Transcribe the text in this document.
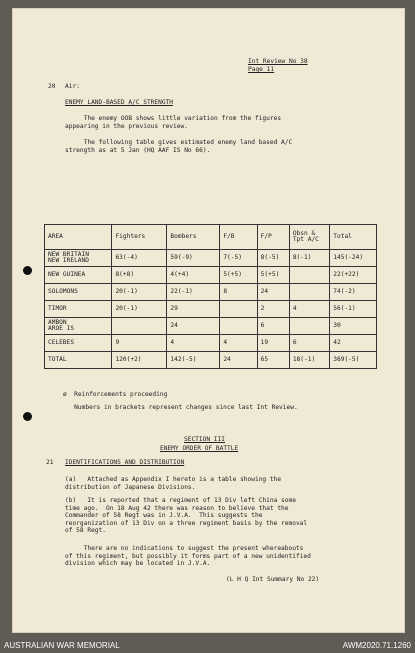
Int Review No 38
Page 11
20 Air:
ENEMY LAND-BASED A/C STRENGTH
The enemy OOB shows little variation from the figures
appearing in the previous review.
The following table gives estimated enemy land based A/C
strength as at 5 Jan (HQ AAF IS No 66).
AREA	Fighters	Bombers	F/B	F/P	Obsn &
Tpt A/C	Total
NEW BRITAIN
NEW IRELAND	63(-4)	59(-9)	7(-5)	8(-5)	8(-1)	145(-24)
NEW GUINEA	8(+8)	4(+4)	5(+5)	5(+5)		22(+22)
SOLOMONS	20(-1)	22(-1)	8	24		74(-2)
TIMOR	20(-1)	29		2	4	56(-1)
AMBON
AROE IS		24		6		30
CELEBES	9	4	4	19	6	42
TOTAL	120(+2)	142(-5)	24	65	18(-1)	369(-5)
ø  Reinforcements proceeding
Numbers in brackets represent changes since last Int Review.
SECTION III
ENEMY ORDER OF BATTLE
21 IDENTIFICATIONS AND DISTRIBUTION
(a)   Attached as Appendix I hereto is a table showing the
distribution of Japanese Divisions.
(b)   It is reported that a regiment of 13 Div left China some
time ago.  On 18 Aug 42 there was reason to believe that the
Commander of 58 Regt was in J.V.A.  This suggests the
reorganization of 13 Div on a three regiment basis by the removal
of 58 Regt.
There are no indications to suggest the present whereabouts
of this regiment, but possibly it forms part of a new unidentified
division which may be located in J.V.A.
(L H Q Int Summary No 22)
AUSTRALIAN WAR MEMORIAL	AWM2020.71.1260
